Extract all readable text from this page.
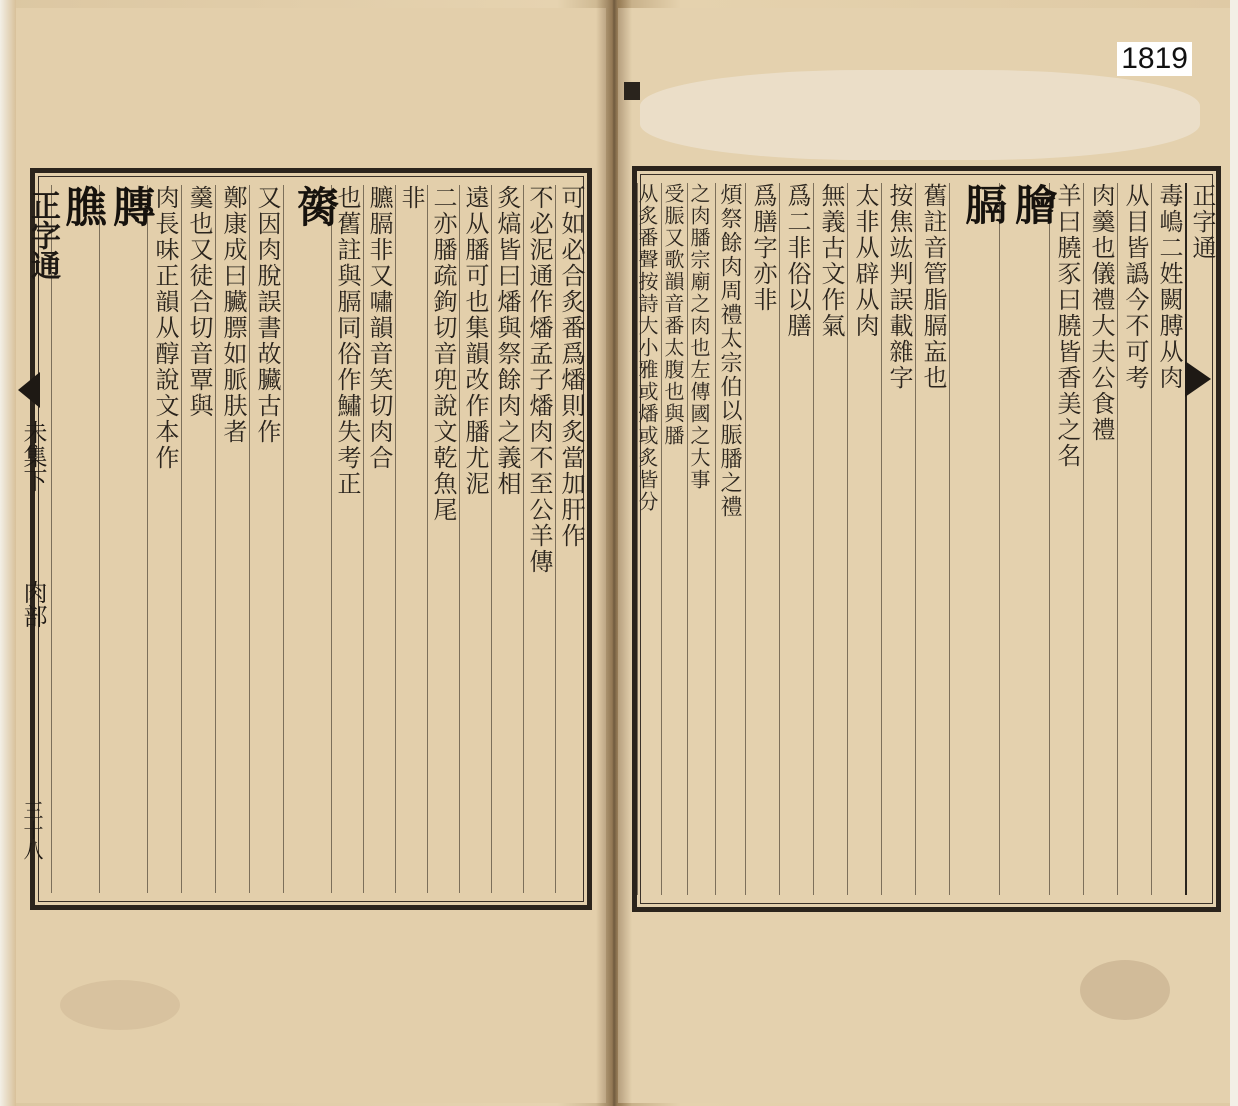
正字通
毒嶋二姓闕膊从肉
从目皆譌今不可考
肉羹也儀禮大夫公食禮
羊曰膮豕曰膮皆香美之名
膾
膈
舊註音管脂膈衁也
按焦竑判誤載雜字
太非从辟从肉
無義古文作氣
爲二非俗以膳
爲膳字亦非
煩祭餘肉周禮太宗伯以脤膰之禮
之肉膰宗廟之肉也左傳國之大事
受脤又歌韻音番太腹也與膰
从炙番聲按詩大小雅或燔或炙皆分
可如必合炙番爲燔則炙當加肝作
不必泥通作燔孟子燔肉不至公羊傳
炙熇皆曰燔與祭餘肉之義相
遠从膰可也集韻改作膰尤泥
二亦膰疏鉤切音兜說文乾魚尾
非
臕膈非又嘯韻音笑切肉合
也舊註與膈同俗作鱐失考正
膐
又因肉脫誤書故臟古作
鄭康成曰臟膘如脈肤者
羹也又徒合切音覃與
肉長味正韻从醇說文本作
膞
膲
正字通
未集下
肉部
三十八
1819
